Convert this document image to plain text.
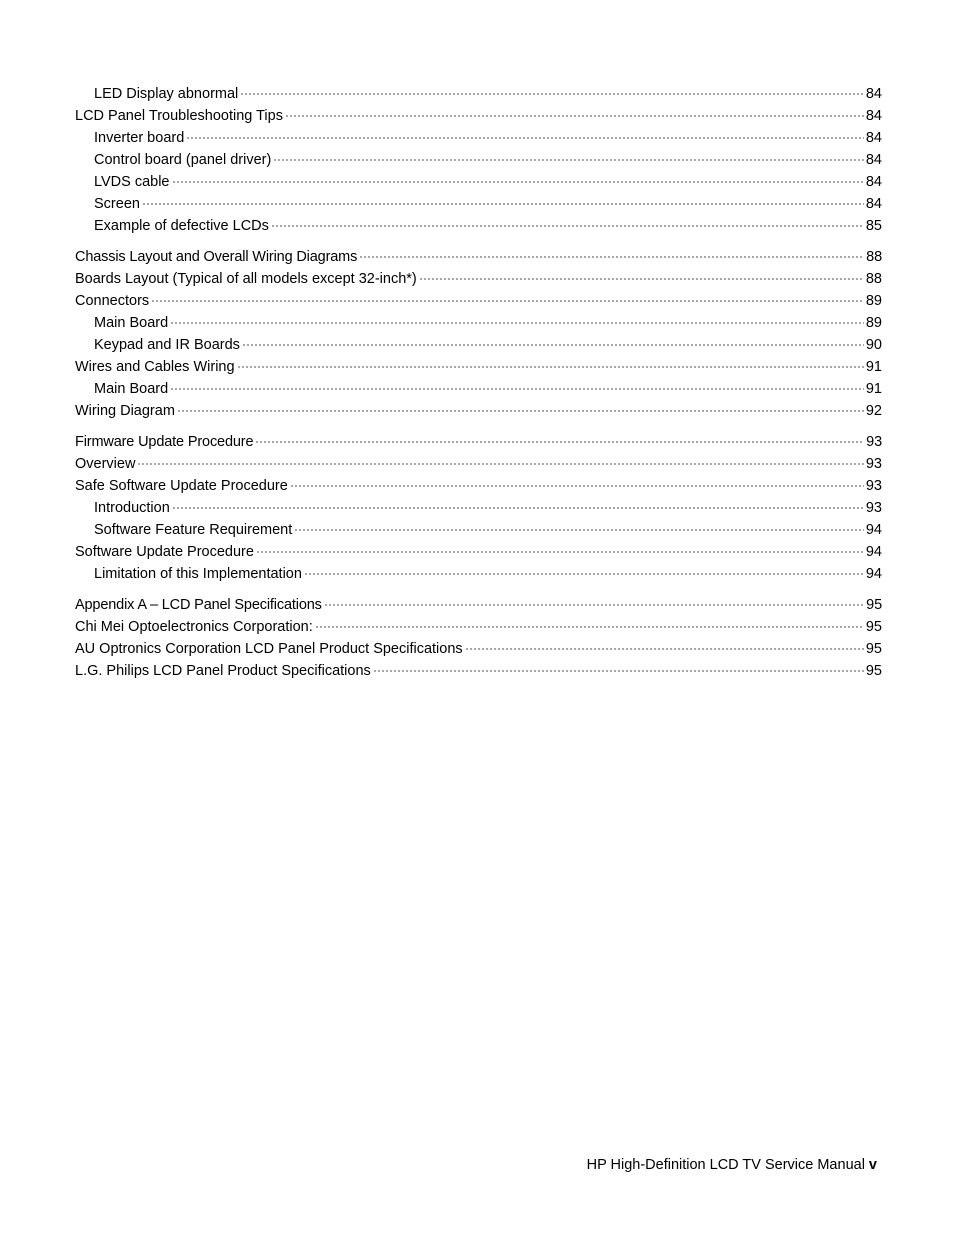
LED Display abnormal	84
LCD Panel Troubleshooting Tips	84
Inverter board	84
Control board (panel driver)	84
LVDS cable	84
Screen	84
Example of defective LCDs	85
Chassis Layout and Overall Wiring Diagrams	88
Boards Layout (Typical of all models except 32-inch*)	88
Connectors	89
Main Board	89
Keypad and IR Boards	90
Wires and Cables Wiring	91
Main Board	91
Wiring Diagram	92
Firmware Update Procedure	93
Overview	93
Safe Software Update Procedure	93
Introduction	93
Software Feature Requirement	94
Software Update Procedure	94
Limitation of this Implementation	94
Appendix A – LCD Panel Specifications	95
Chi Mei Optoelectronics Corporation:	95
AU Optronics Corporation LCD Panel Product Specifications	95
L.G. Philips LCD Panel Product Specifications	95
HP High-Definition LCD TV Service Manual v
